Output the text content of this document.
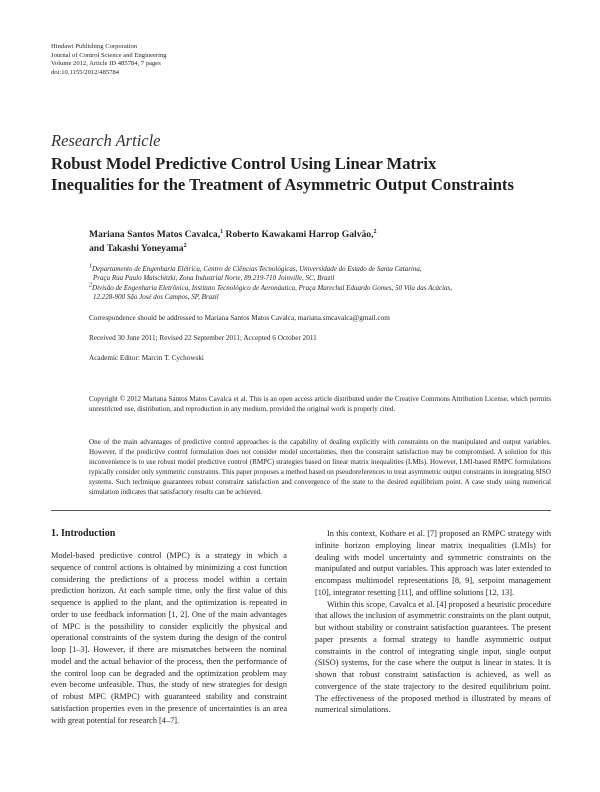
Hindawi Publishing Corporation
Journal of Control Science and Engineering
Volume 2012, Article ID 485784, 7 pages
doi:10.1155/2012/485784
Research Article
Robust Model Predictive Control Using Linear Matrix
Inequalities for the Treatment of Asymmetric Output Constraints
Mariana Santos Matos Cavalca,$^1$ Roberto Kawakami Harrop Galvão,$^2$
and Takashi Yoneyama$^2$
$^1$Departamento de Engenharia Elétrica, Centro de Ciências Tecnológicas, Universidade do Estado de Santa Catarina,
Praça Rua Paulo Malschitzki, Zona Industrial Norte, 89.219-710 Joinville, SC, Brazil
$^2$Divisão de Engenharia Eletrônica, Instituto Tecnológico de Aeronáutica, Praça Marechal Eduardo Gomes, 50 Vila das Acácias,
12.228-900 São José dos Campos, SP, Brazil
Correspondence should be addressed to Mariana Santos Matos Cavalca, mariana.smcavalca@gmail.com
Received 30 June 2011; Revised 22 September 2011; Accepted 6 October 2011
Academic Editor: Marcin T. Cychowski
Copyright © 2012 Mariana Santos Matos Cavalca et al. This is an open access article distributed under the Creative Commons Attribution License, which permits unrestricted use, distribution, and reproduction in any medium, provided the original work is properly cited.
One of the main advantages of predictive control approaches is the capability of dealing explicitly with constraints on the manipulated and output variables. However, if the predictive control formulation does not consider model uncertainties, then the constraint satisfaction may be compromised. A solution for this inconvenience is to use robust model predictive control (RMPC) strategies based on linear matrix inequalities (LMIs). However, LMI-based RMPC formulations typically consider only symmetric constraints. This paper proposes a method based on pseudoreferences to treat asymmetric output constraints in integrating SISO systems. Such technique guarantees robust constraint satisfaction and convergence of the state to the desired equilibrium point. A case study using numerical simulation indicates that satisfactory results can be achieved.
1. Introduction

Model-based predictive control (MPC) is a strategy in which a sequence of control actions is obtained by minimizing a cost function considering the predictions of a process model within a certain prediction horizon. At each sample time, only the first value of this sequence is applied to the plant, and the optimization is repeated in order to use feedback information [1, 2]. One of the main advantages of MPC is the possibility to consider explicitly the physical and operational constraints of the system during the design of the control loop [1–3]. However, if there are mismatches between the nominal model and the actual behavior of the process, then the performance of the control loop can be degraded and the optimization problem may even become unfeasible. Thus, the study of new strategies for design of robust MPC (RMPC) with guaranteed stability and constraint satisfaction properties even in the presence of uncertainties is an area with great potential for research [4–7].

In this context, Kothare et al. [7] proposed an RMPC strategy with infinite horizon employing linear matrix inequalities (LMIs) for dealing with model uncertainty and symmetric constraints on the manipulated and output variables. This approach was later extended to encompass multimodel representations [8, 9], setpoint management [10], integrator resetting [11], and offline solutions [12, 13].

Within this scope, Cavalca et al. [4] proposed a heuristic procedure that allows the inclusion of asymmetric constraints on the plant output, but without stability or constraint satisfaction guarantees. The present paper presents a formal strategy to handle asymmetric output constraints in the control of integrating single input, single output (SISO) systems, for the case where the output is linear in states. It is shown that robust constraint satisfaction is achieved, as well as convergence of the state trajectory to the desired equilibrium point. The effectiveness of the proposed method is illustrated by means of numerical simulations.
